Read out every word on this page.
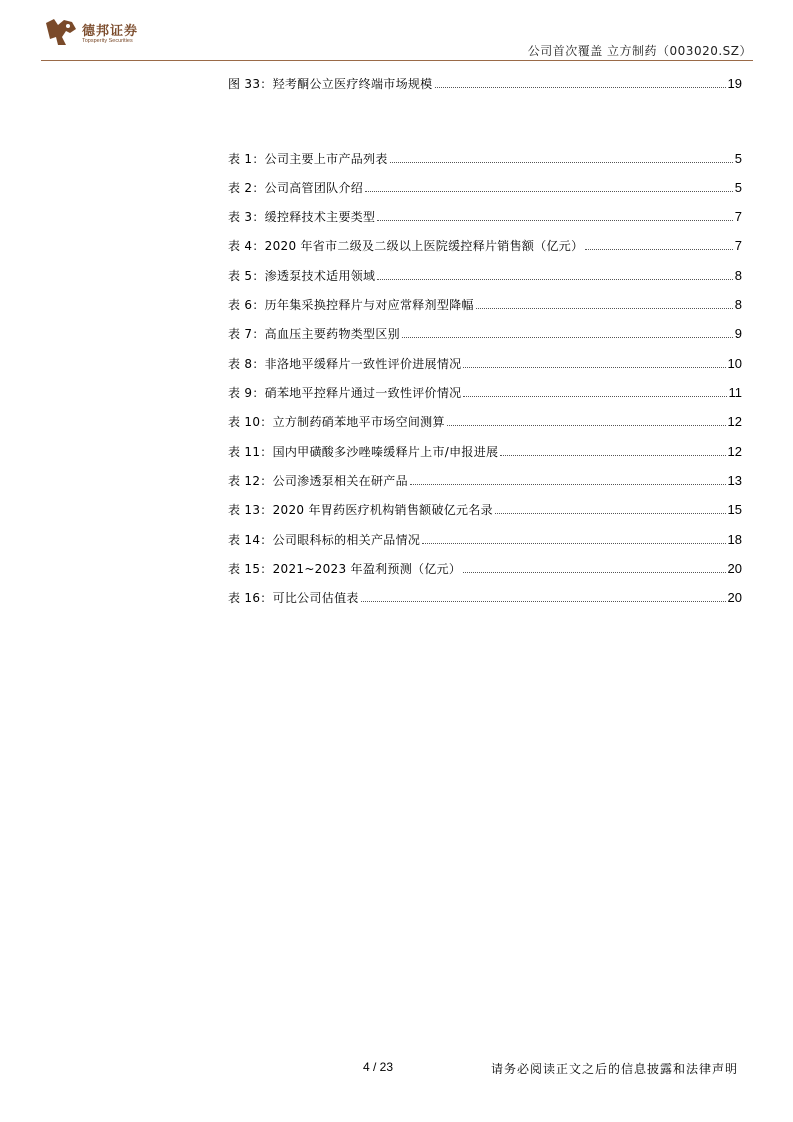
德邦证券
Topsperity Securities
公司首次覆盖 立方制药（003020.SZ）
图 33：羟考酮公立医疗终端市场规模	19
表 1：公司主要上市产品列表	5
表 2：公司高管团队介绍	5
表 3：缓控释技术主要类型	7
表 4：2020 年省市二级及二级以上医院缓控释片销售额（亿元）	7
表 5：渗透泵技术适用领域	8
表 6：历年集采换控释片与对应常释剂型降幅	8
表 7：高血压主要药物类型区别	9
表 8：非洛地平缓释片一致性评价进展情况	10
表 9：硝苯地平控释片通过一致性评价情况	11
表 10：立方制药硝苯地平市场空间测算	12
表 11：国内甲磺酸多沙唑嗪缓释片上市/申报进展	12
表 12：公司渗透泵相关在研产品	13
表 13：2020 年胃药医疗机构销售额破亿元名录	15
表 14：公司眼科标的相关产品情况	18
表 15：2021~2023 年盈利预测（亿元）	20
表 16：可比公司估值表	20
4 / 23	请务必阅读正文之后的信息披露和法律声明
